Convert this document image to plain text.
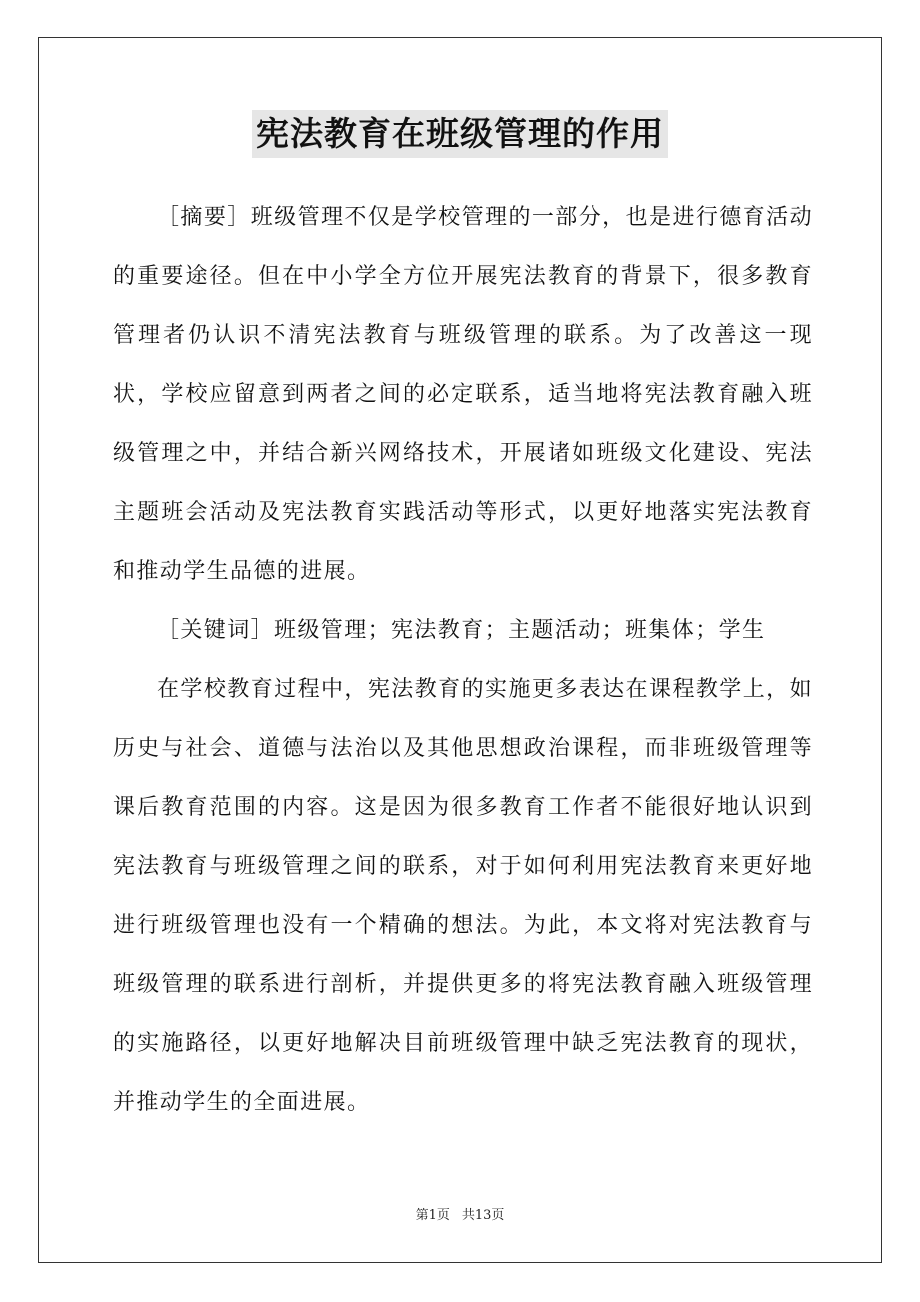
宪法教育在班级管理的作用

［摘要］班级管理不仅是学校管理的一部分，也是进行德育活动的重要途径。但在中小学全方位开展宪法教育的背景下，很多教育管理者仍认识不清宪法教育与班级管理的联系。为了改善这一现状，学校应留意到两者之间的必定联系，适当地将宪法教育融入班级管理之中，并结合新兴网络技术，开展诸如班级文化建设、宪法主题班会活动及宪法教育实践活动等形式，以更好地落实宪法教育和推动学生品德的进展。

［关键词］班级管理；宪法教育；主题活动；班集体；学生

在学校教育过程中，宪法教育的实施更多表达在课程教学上，如历史与社会、道德与法治以及其他思想政治课程，而非班级管理等课后教育范围的内容。这是因为很多教育工作者不能很好地认识到宪法教育与班级管理之间的联系，对于如何利用宪法教育来更好地进行班级管理也没有一个精确的想法。为此，本文将对宪法教育与班级管理的联系进行剖析，并提供更多的将宪法教育融入班级管理的实施路径，以更好地解决目前班级管理中缺乏宪法教育的现状，并推动学生的全面进展。

第1页 共13页
